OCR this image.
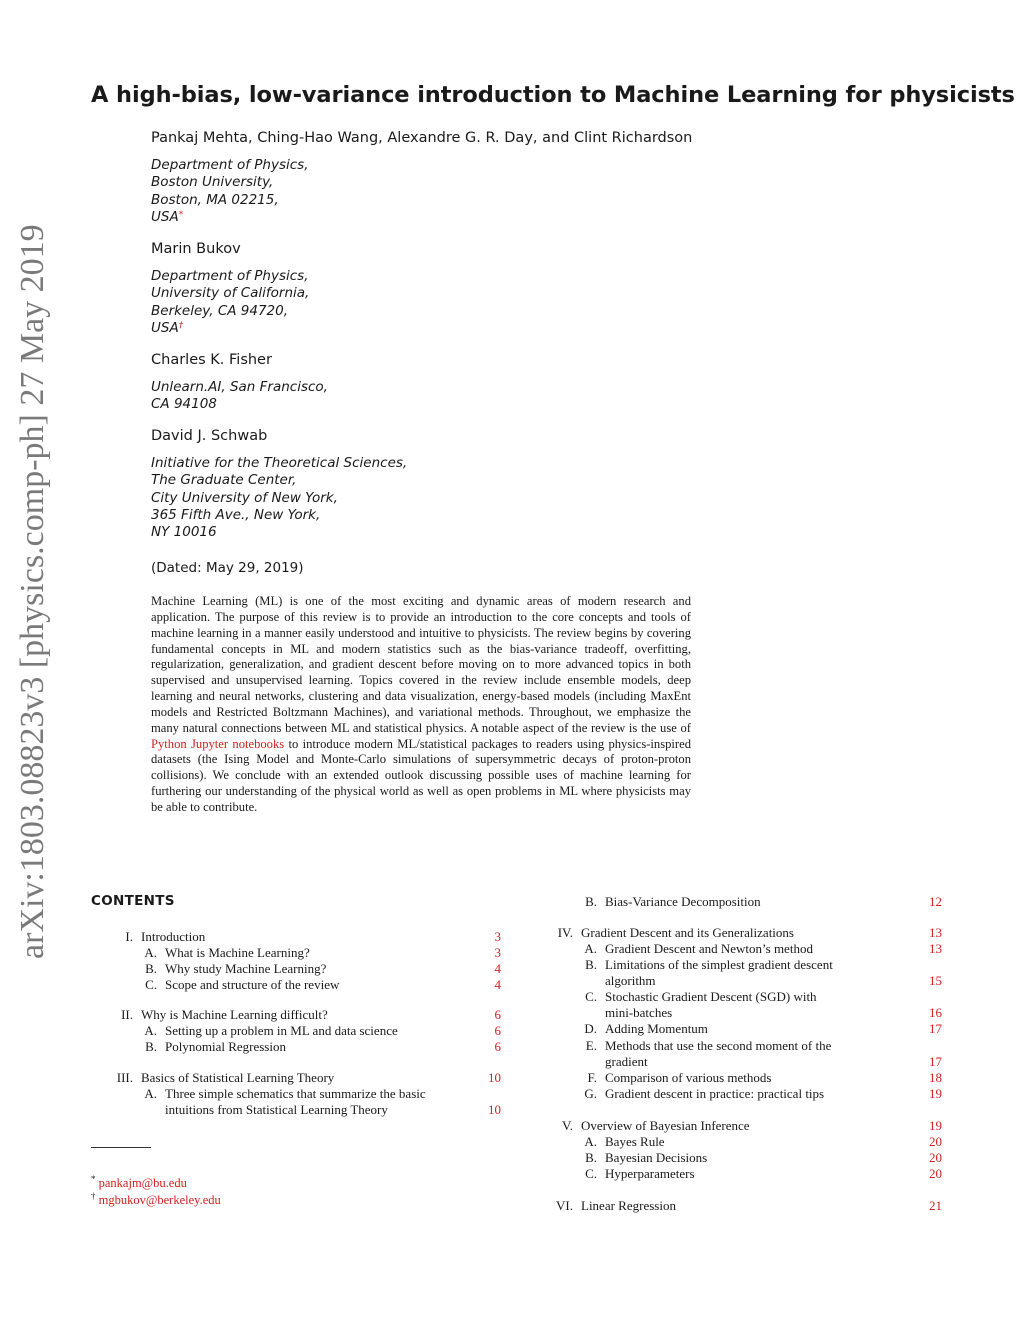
arXiv:1803.08823v3 [physics.comp-ph] 27 May 2019
A high-bias, low-variance introduction to Machine Learning for physicists
Pankaj Mehta, Ching-Hao Wang, Alexandre G. R. Day, and Clint Richardson
Department of Physics,
Boston University,
Boston, MA 02215,
USA*
Marin Bukov
Department of Physics,
University of California,
Berkeley, CA 94720,
USA†
Charles K. Fisher
Unlearn.AI, San Francisco,
CA 94108
David J. Schwab
Initiative for the Theoretical Sciences,
The Graduate Center,
City University of New York,
365 Fifth Ave., New York,
NY 10016
(Dated: May 29, 2019)
Machine Learning (ML) is one of the most exciting and dynamic areas of modern research and application. The purpose of this review is to provide an introduction to the core concepts and tools of machine learning in a manner easily understood and intuitive to physicists. The review begins by covering fundamental concepts in ML and modern statistics such as the bias-variance tradeoff, overfitting, regularization, generalization, and gradient descent before moving on to more advanced topics in both supervised and unsupervised learning. Topics covered in the review include ensemble models, deep learning and neural networks, clustering and data visualization, energy-based models (including MaxEnt models and Restricted Boltzmann Machines), and variational methods. Throughout, we emphasize the many natural connections between ML and statistical physics. A notable aspect of the review is the use of Python Jupyter notebooks to introduce modern ML/statistical packages to readers using physics-inspired datasets (the Ising Model and Monte-Carlo simulations of supersymmetric decays of proton-proton collisions). We conclude with an extended outlook discussing possible uses of machine learning for furthering our understanding of the physical world as well as open problems in ML where physicists may be able to contribute.
CONTENTS
I. Introduction	3
A. What is Machine Learning?	3
B. Why study Machine Learning?	4
C. Scope and structure of the review	4
II. Why is Machine Learning difficult?	6
A. Setting up a problem in ML and data science	6
B. Polynomial Regression	6
III. Basics of Statistical Learning Theory	10
A. Three simple schematics that summarize the basic
intuitions from Statistical Learning Theory	10
B. Bias-Variance Decomposition	12
IV. Gradient Descent and its Generalizations	13
A. Gradient Descent and Newton’s method	13
B. Limitations of the simplest gradient descent
algorithm	15
C. Stochastic Gradient Descent (SGD) with
mini-batches	16
D. Adding Momentum	17
E. Methods that use the second moment of the
gradient	17
F. Comparison of various methods	18
G. Gradient descent in practice: practical tips	19
V. Overview of Bayesian Inference	19
A. Bayes Rule	20
B. Bayesian Decisions	20
C. Hyperparameters	20
VI. Linear Regression	21
* pankajm@bu.edu
† mgbukov@berkeley.edu
